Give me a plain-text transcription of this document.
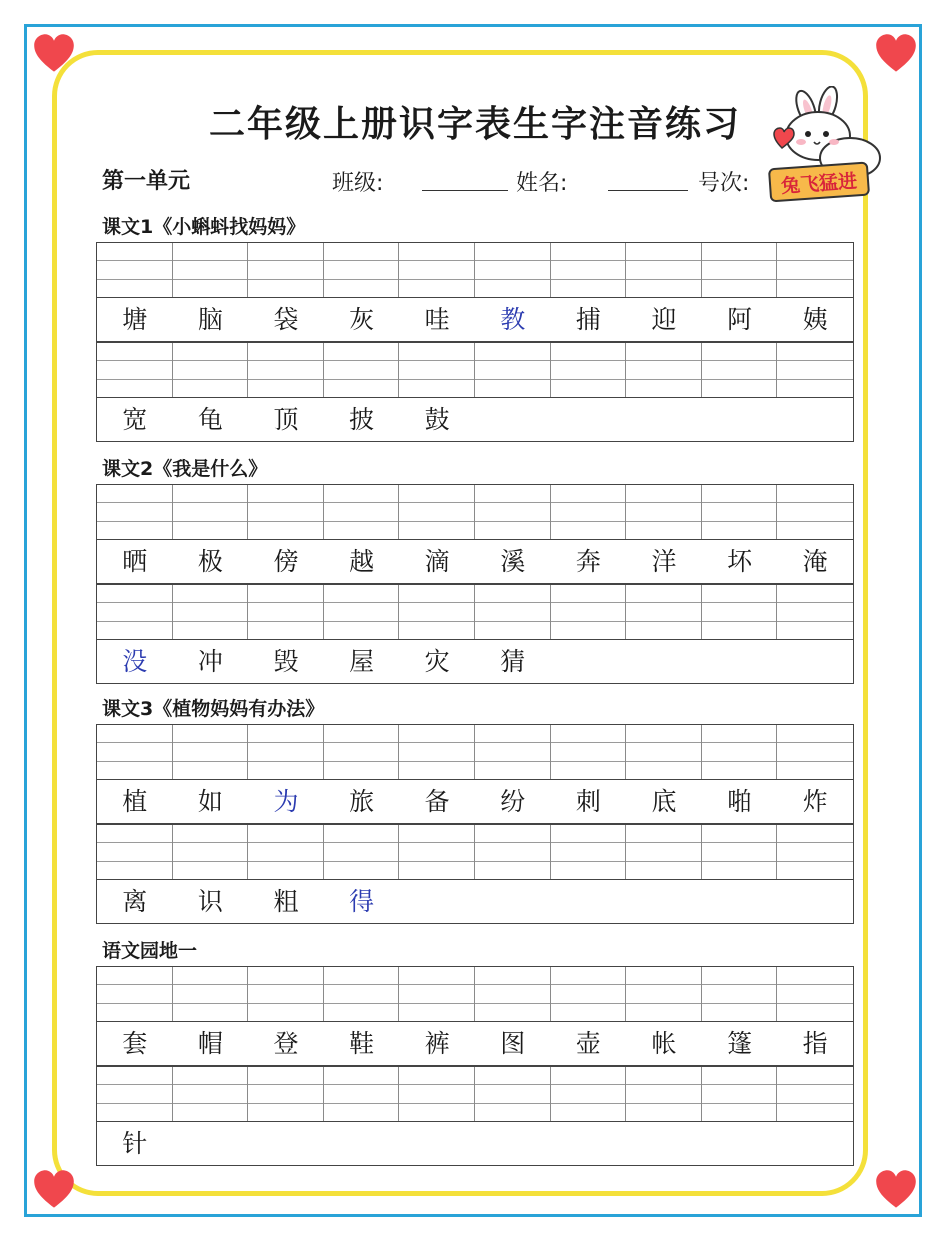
二年级上册识字表生字注音练习
第一单元	班级:	姓名:	号次: 兔飞猛进
课文1《小蝌蚪找妈妈》
塘	脑	袋	灰	哇	教	捕	迎	阿	姨
宽	龟	顶	披	鼓
课文2《我是什么》
晒	极	傍	越	滴	溪	奔	洋	坏	淹
没	冲	毁	屋	灾	猜
课文3《植物妈妈有办法》
植	如	为	旅	备	纷	刺	底	啪	炸
离	识	粗	得
语文园地一
套	帽	登	鞋	裤	图	壶	帐	篷	指
针
